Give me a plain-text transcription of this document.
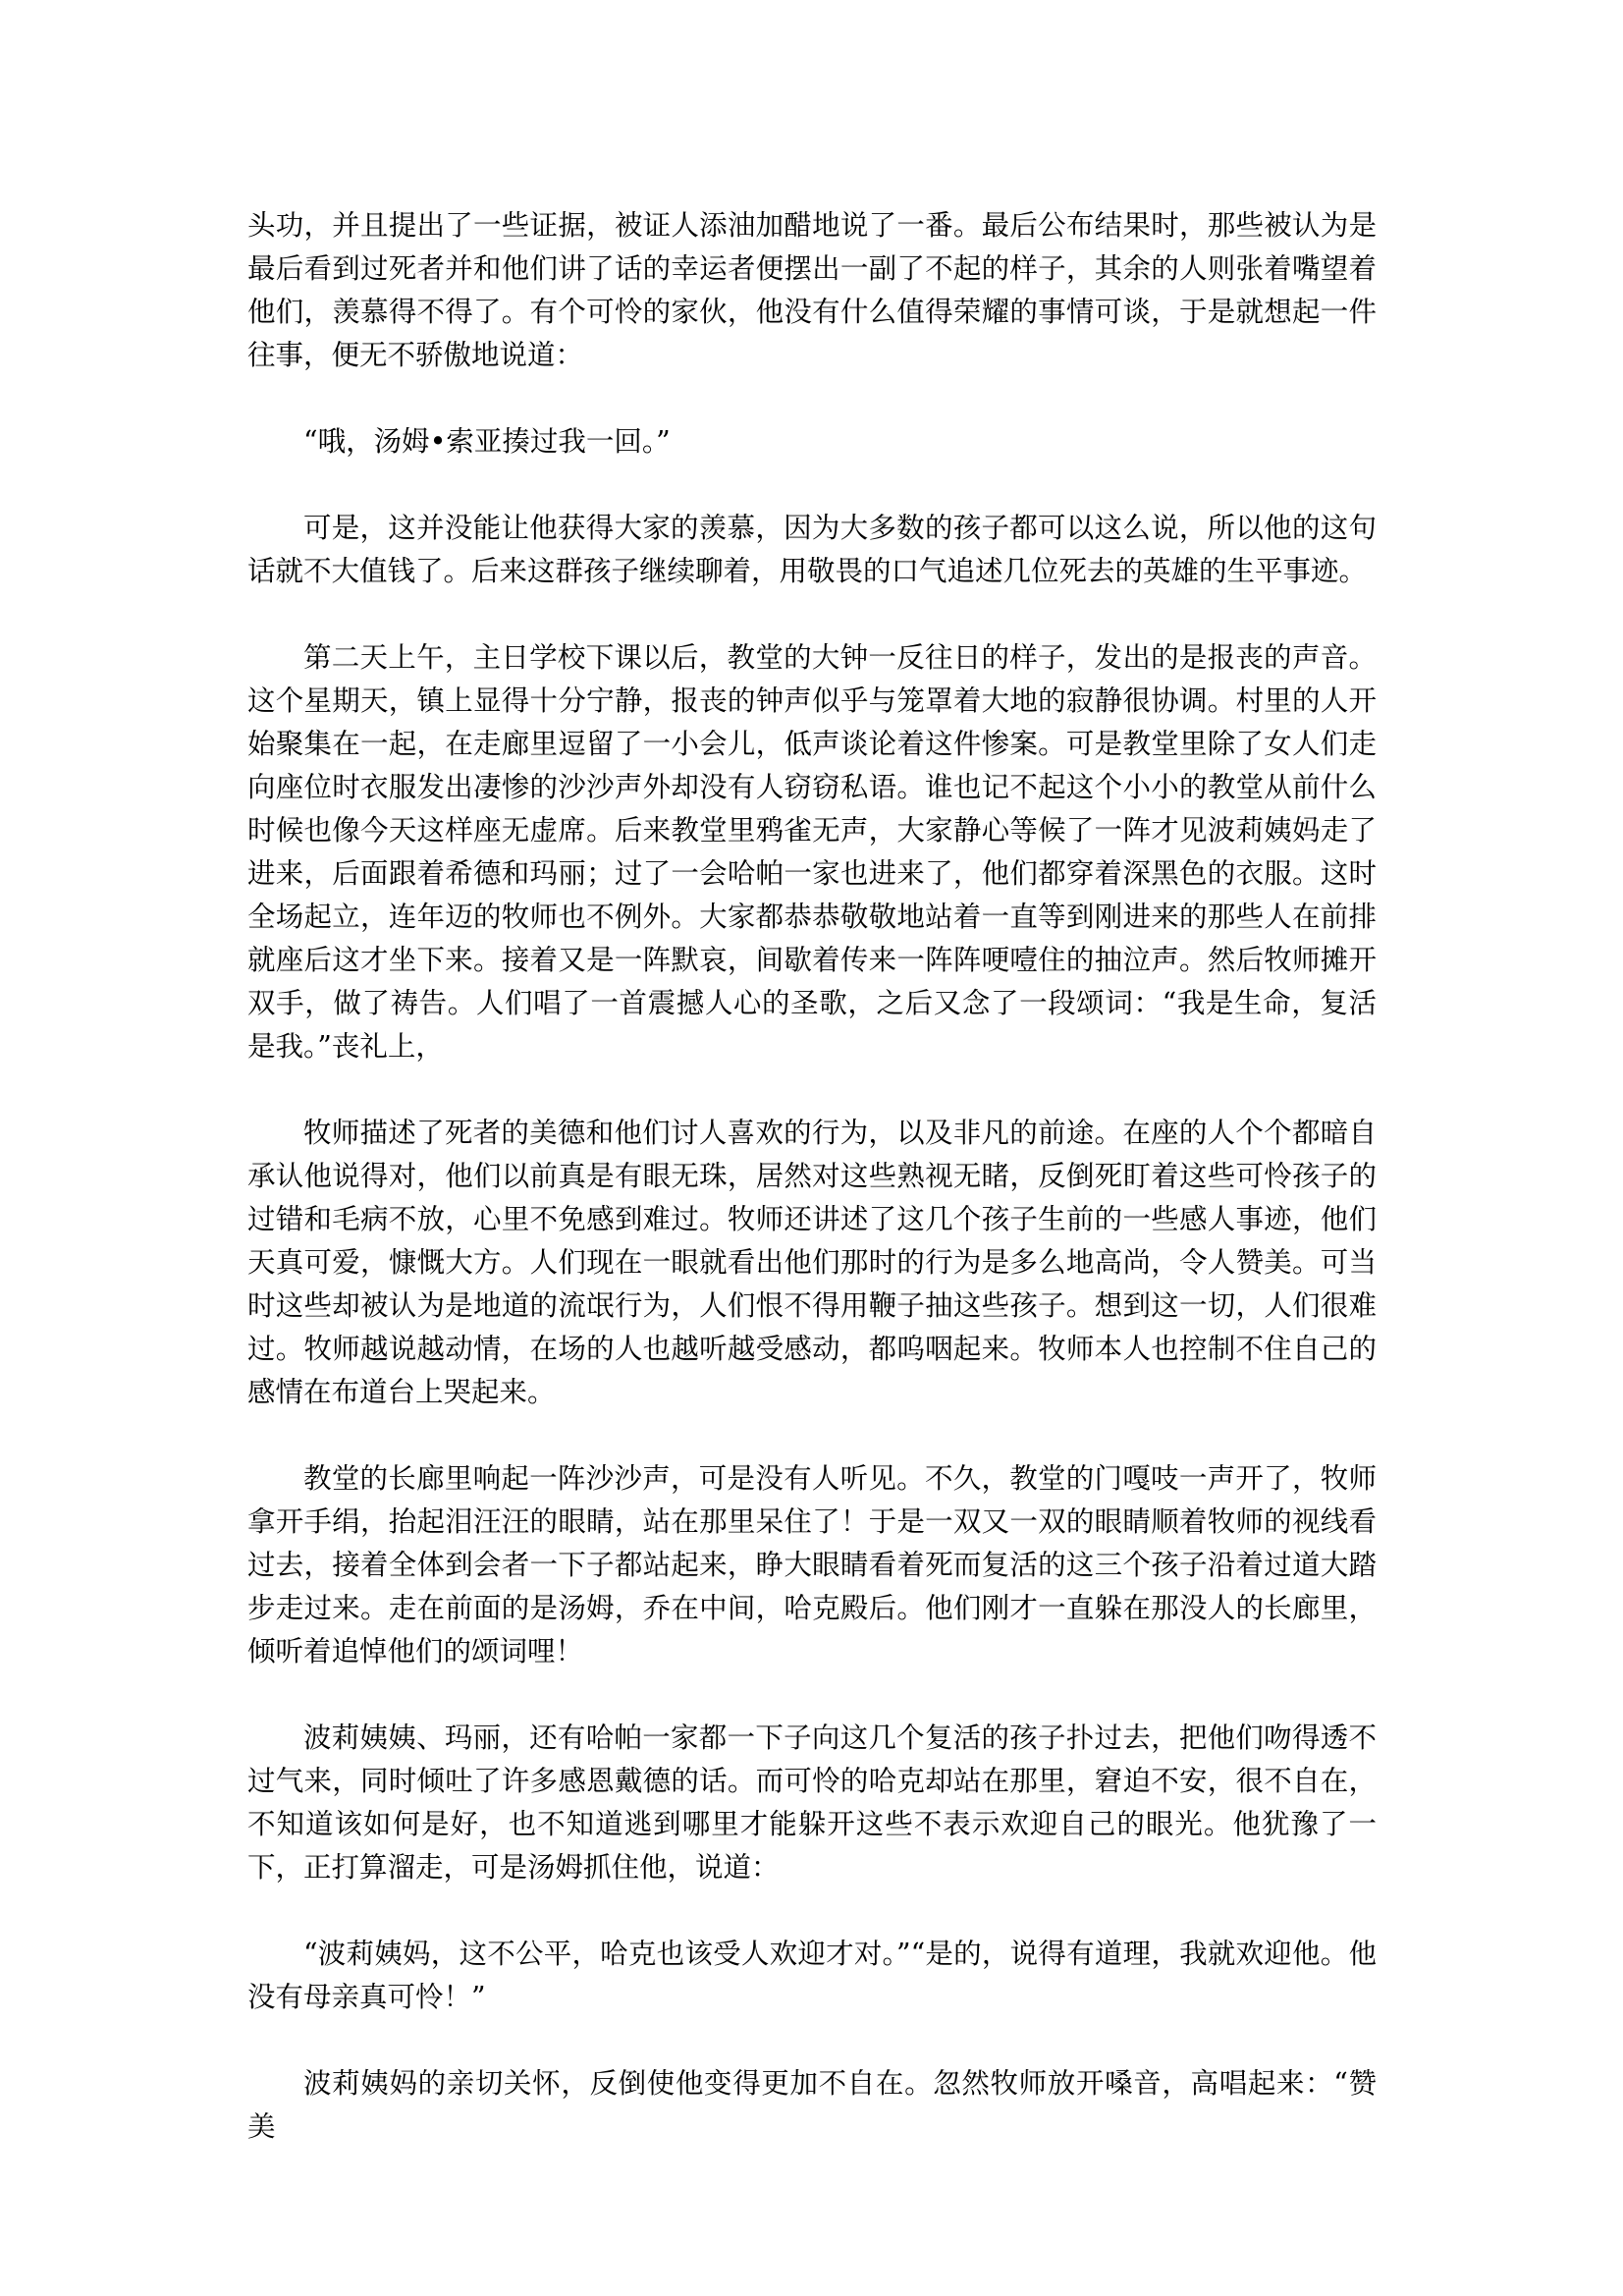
头功，并且提出了一些证据，被证人添油加醋地说了一番。最后公布结果时，那些被认为是最后看到过死者并和他们讲了话的幸运者便摆出一副了不起的样子，其余的人则张着嘴望着他们，羡慕得不得了。有个可怜的家伙，他没有什么值得荣耀的事情可谈，于是就想起一件往事，便无不骄傲地说道：

“哦，汤姆•索亚揍过我一回。”

可是，这并没能让他获得大家的羡慕，因为大多数的孩子都可以这么说，所以他的这句话就不大值钱了。后来这群孩子继续聊着，用敬畏的口气追述几位死去的英雄的生平事迹。

第二天上午，主日学校下课以后，教堂的大钟一反往日的样子，发出的是报丧的声音。这个星期天，镇上显得十分宁静，报丧的钟声似乎与笼罩着大地的寂静很协调。村里的人开始聚集在一起，在走廊里逗留了一小会儿，低声谈论着这件惨案。可是教堂里除了女人们走向座位时衣服发出凄惨的沙沙声外却没有人窃窃私语。谁也记不起这个小小的教堂从前什么时候也像今天这样座无虚席。后来教堂里鸦雀无声，大家静心等候了一阵才见波莉姨妈走了进来，后面跟着希德和玛丽；过了一会哈帕一家也进来了，他们都穿着深黑色的衣服。这时全场起立，连年迈的牧师也不例外。大家都恭恭敬敬地站着一直等到刚进来的那些人在前排就座后这才坐下来。接着又是一阵默哀，间歇着传来一阵阵哽噎住的抽泣声。然后牧师摊开双手，做了祷告。人们唱了一首震撼人心的圣歌，之后又念了一段颂词：“我是生命，复活是我。”丧礼上，

牧师描述了死者的美德和他们讨人喜欢的行为，以及非凡的前途。在座的人个个都暗自承认他说得对，他们以前真是有眼无珠，居然对这些熟视无睹，反倒死盯着这些可怜孩子的过错和毛病不放，心里不免感到难过。牧师还讲述了这几个孩子生前的一些感人事迹，他们天真可爱，慷慨大方。人们现在一眼就看出他们那时的行为是多么地高尚，令人赞美。可当时这些却被认为是地道的流氓行为，人们恨不得用鞭子抽这些孩子。想到这一切，人们很难过。牧师越说越动情，在场的人也越听越受感动，都呜咽起来。牧师本人也控制不住自己的感情在布道台上哭起来。

教堂的长廊里响起一阵沙沙声，可是没有人听见。不久，教堂的门嘎吱一声开了，牧师拿开手绢，抬起泪汪汪的眼睛，站在那里呆住了！于是一双又一双的眼睛顺着牧师的视线看过去，接着全体到会者一下子都站起来，睁大眼睛看着死而复活的这三个孩子沿着过道大踏步走过来。走在前面的是汤姆，乔在中间，哈克殿后。他们刚才一直躲在那没人的长廊里，倾听着追悼他们的颂词哩！

波莉姨姨、玛丽，还有哈帕一家都一下子向这几个复活的孩子扑过去，把他们吻得透不过气来，同时倾吐了许多感恩戴德的话。而可怜的哈克却站在那里，窘迫不安，很不自在，不知道该如何是好，也不知道逃到哪里才能躲开这些不表示欢迎自己的眼光。他犹豫了一下，正打算溜走，可是汤姆抓住他，说道：

“波莉姨妈，这不公平，哈克也该受人欢迎才对。”“是的，说得有道理，我就欢迎他。他没有母亲真可怜！”

波莉姨妈的亲切关怀，反倒使他变得更加不自在。忽然牧师放开嗓音，高唱起来：“赞 美
